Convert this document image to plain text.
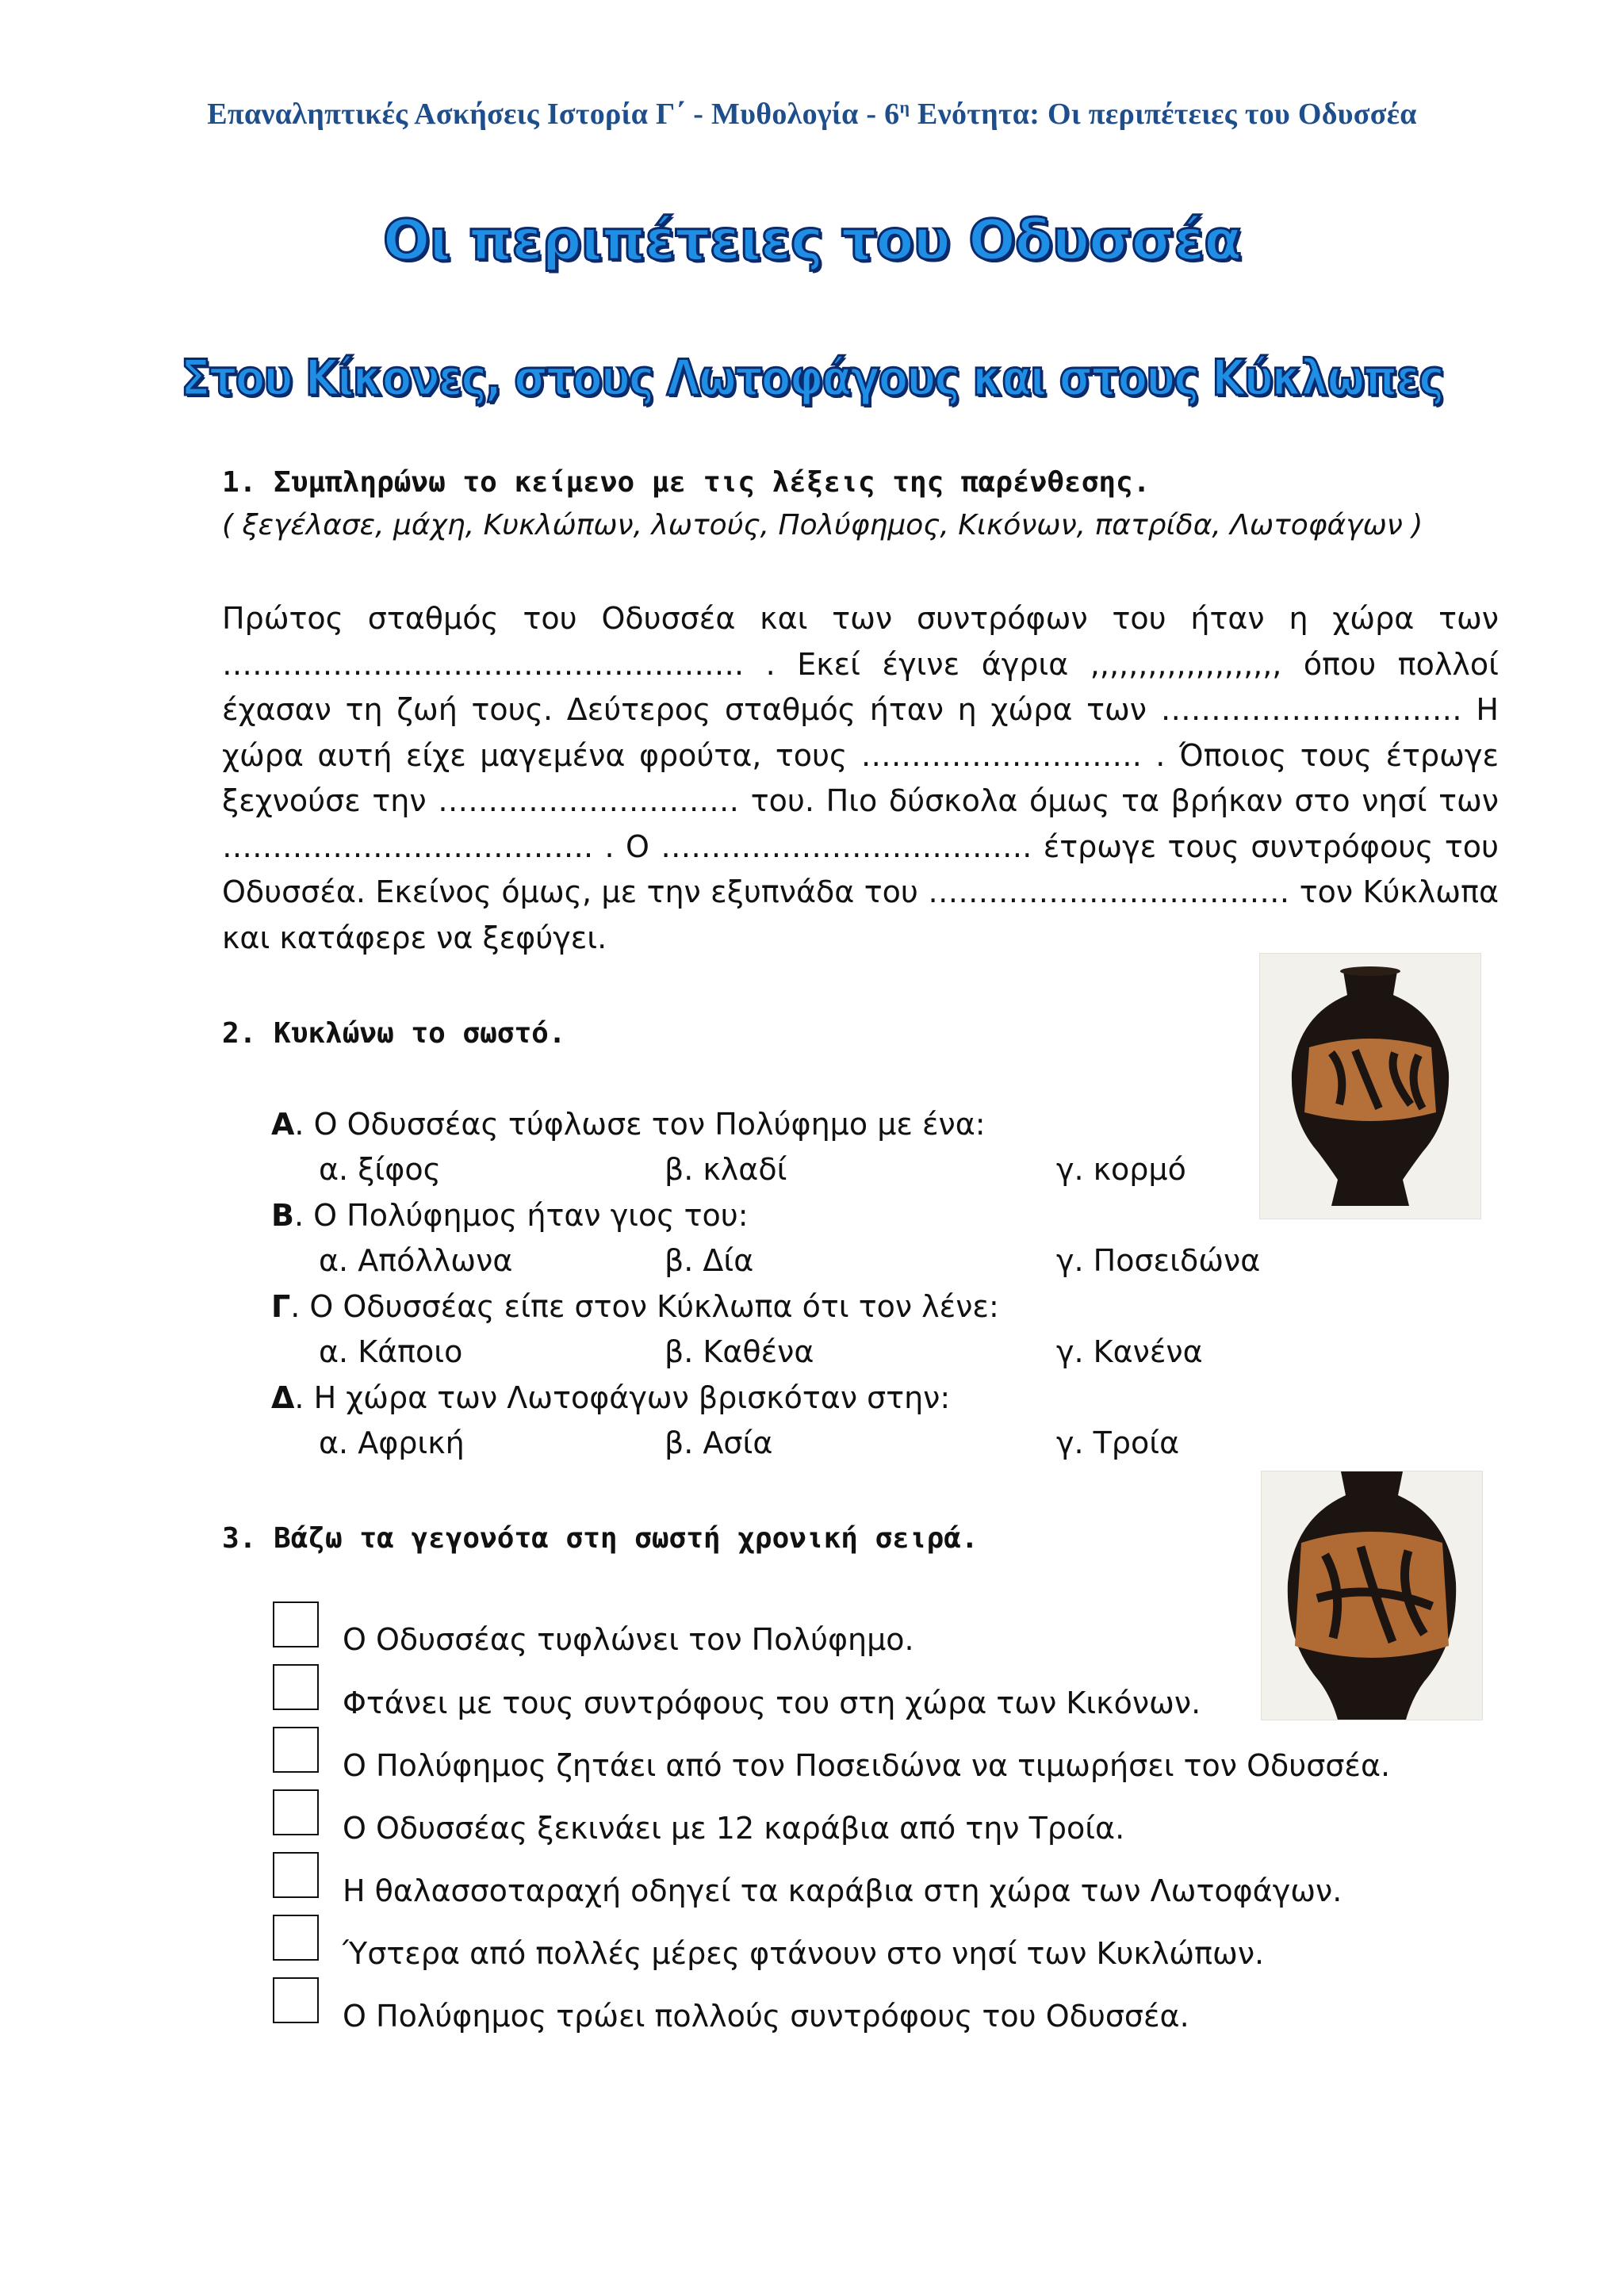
Επαναληπτικές Ασκήσεις Ιστορία Γ΄ - Μυθολογία - $6^\eta$ Ενότητα: Οι περιπέτειες του Οδυσσέα
Οι περιπέτειες του Οδυσσέα
Στου Κίκονες, στους Λωτοφάγους και στους Κύκλωπες
1. Συμπληρώνω το κείμενο με τις λέξεις της παρένθεσης.
( ξεγέλασε, μάχη, Κυκλώπων, λωτούς, Πολύφημος, Κικόνων, πατρίδα, Λωτοφάγων )
Πρώτος σταθμός του Οδυσσέα και των συντρόφων του ήταν η χώρα των ……………………………………………. . Εκεί έγινε άγρια ,,,,,,,,,,,,,,,,,,,, όπου πολλοί έχασαν τη ζωή τους. Δεύτερος σταθμός ήταν η χώρα των ………………………… Η χώρα αυτή είχε μαγεμένα φρούτα, τους ………………………. . Όποιος τους έτρωγε ξεχνούσε την ………………………… του. Πιο δύσκολα όμως τα βρήκαν στο νησί των ………………………………. . Ο ………………………………. έτρωγε τους συντρόφους του Οδυσσέα. Εκείνος όμως, με την εξυπνάδα του ……………………………… τον Κύκλωπα και κατάφερε να ξεφύγει.
2. Κυκλώνω το σωστό.
Α. Ο Οδυσσέας τύφλωσε τον Πολύφημο με ένα:
α. ξίφος	β. κλαδί	γ. κορμό
Β. Ο Πολύφημος ήταν γιος του:
α. Απόλλωνα	β. Δία	γ. Ποσειδώνα
Γ. Ο Οδυσσέας είπε στον Κύκλωπα ότι τον λένε:
α. Κάποιο	β. Καθένα	γ. Κανένα
Δ. Η χώρα των Λωτοφάγων βρισκόταν στην:
α. Αφρική	β. Ασία	γ. Τροία
3. Βάζω τα γεγονότα στη σωστή χρονική σειρά.
Ο Οδυσσέας τυφλώνει τον Πολύφημο.
Φτάνει με τους συντρόφους του στη χώρα των Κικόνων.
Ο Πολύφημος ζητάει από τον Ποσειδώνα να τιμωρήσει τον Οδυσσέα.
Ο Οδυσσέας ξεκινάει με 12 καράβια από την Τροία.
Η θαλασσοταραχή οδηγεί τα καράβια στη χώρα των Λωτοφάγων.
Ύστερα από πολλές μέρες φτάνουν στο νησί των Κυκλώπων.
Ο Πολύφημος τρώει πολλούς συντρόφους του Οδυσσέα.
